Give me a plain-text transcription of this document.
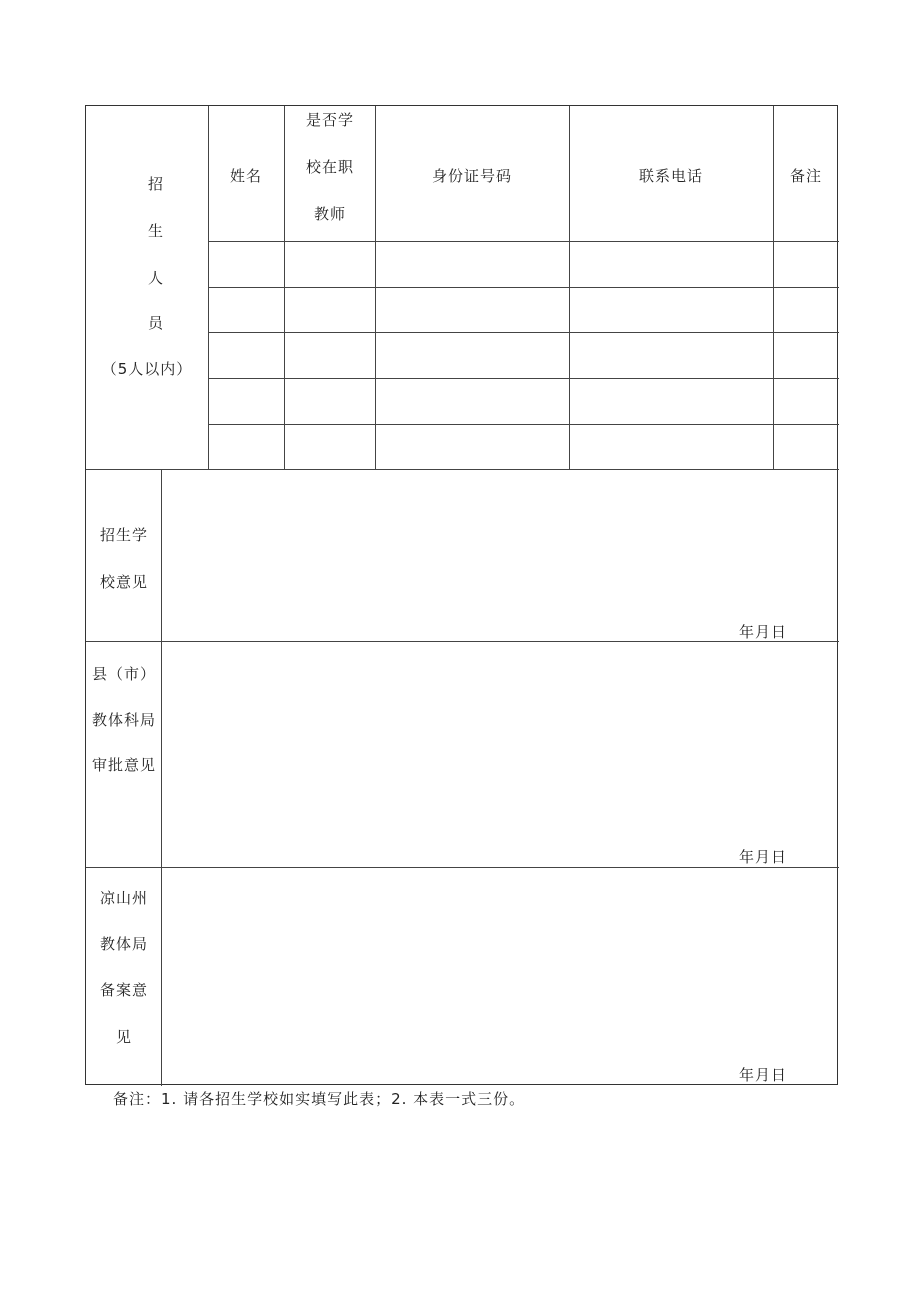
招
生
人
员
（5人以内）
姓名
是否学
校在职
教师
身份证号码	联系电话	备注
招生学
校意见
年月日
县（市）
教体科局
审批意见
年月日
凉山州
教体局
备案意
见
年月日
备注：1. 请各招生学校如实填写此表；2. 本表一式三份。
